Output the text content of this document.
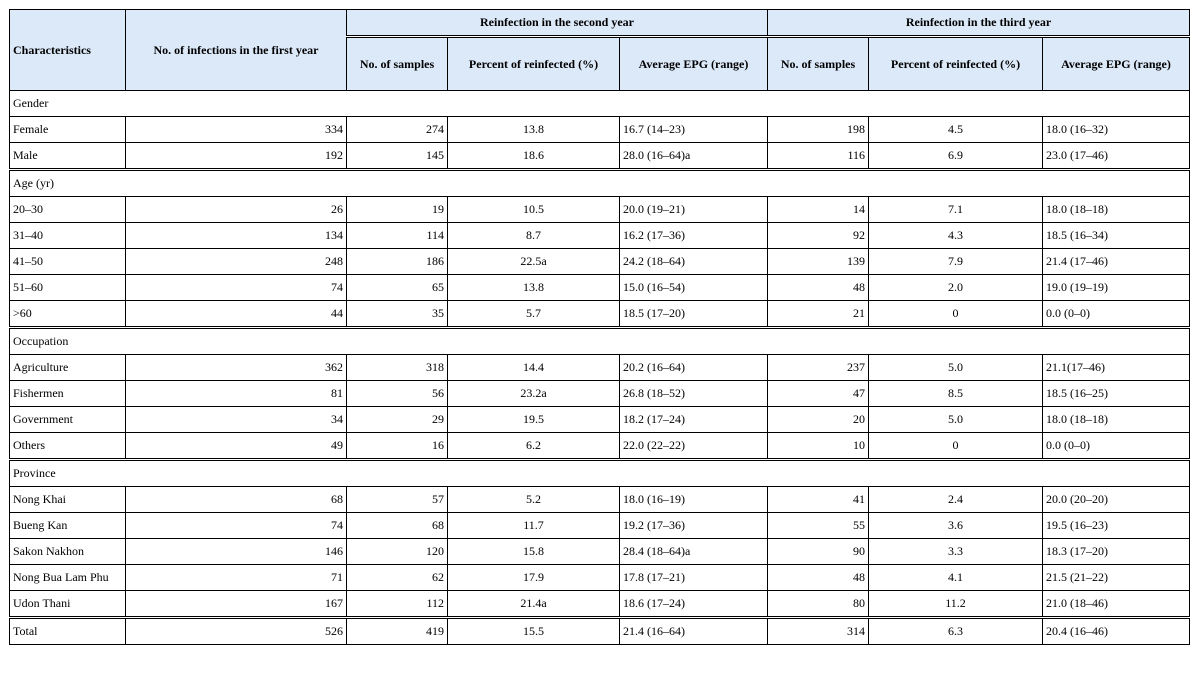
Characteristics	No. of infections in the first year	Reinfection in the second year			Reinfection in the third year		
		No. of samples	Percent of reinfected (%)	Average EPG (range)	No. of samples	Percent of reinfected (%)	Average EPG (range)
Gender							
Female	334	274	13.8	16.7 (14–23)	198	4.5	18.0 (16–32)
Male	192	145	18.6	28.0 (16–64)a	116	6.9	23.0 (17–46)
Age (yr)							
20–30	26	19	10.5	20.0 (19–21)	14	7.1	18.0 (18–18)
31–40	134	114	8.7	16.2 (17–36)	92	4.3	18.5 (16–34)
41–50	248	186	22.5a	24.2 (18–64)	139	7.9	21.4 (17–46)
51–60	74	65	13.8	15.0 (16–54)	48	2.0	19.0 (19–19)
>60	44	35	5.7	18.5 (17–20)	21	0	0.0 (0–0)
Occupation							
Agriculture	362	318	14.4	20.2 (16–64)	237	5.0	21.1(17–46)
Fishermen	81	56	23.2a	26.8 (18–52)	47	8.5	18.5 (16–25)
Government	34	29	19.5	18.2 (17–24)	20	5.0	18.0 (18–18)
Others	49	16	6.2	22.0 (22–22)	10	0	0.0 (0–0)
Province							
Nong Khai	68	57	5.2	18.0 (16–19)	41	2.4	20.0 (20–20)
Bueng Kan	74	68	11.7	19.2 (17–36)	55	3.6	19.5 (16–23)
Sakon Nakhon	146	120	15.8	28.4 (18–64)a	90	3.3	18.3 (17–20)
Nong Bua Lam Phu	71	62	17.9	17.8 (17–21)	48	4.1	21.5 (21–22)
Udon Thani	167	112	21.4a	18.6 (17–24)	80	11.2	21.0 (18–46)
Total	526	419	15.5	21.4 (16–64)	314	6.3	20.4 (16–46)
